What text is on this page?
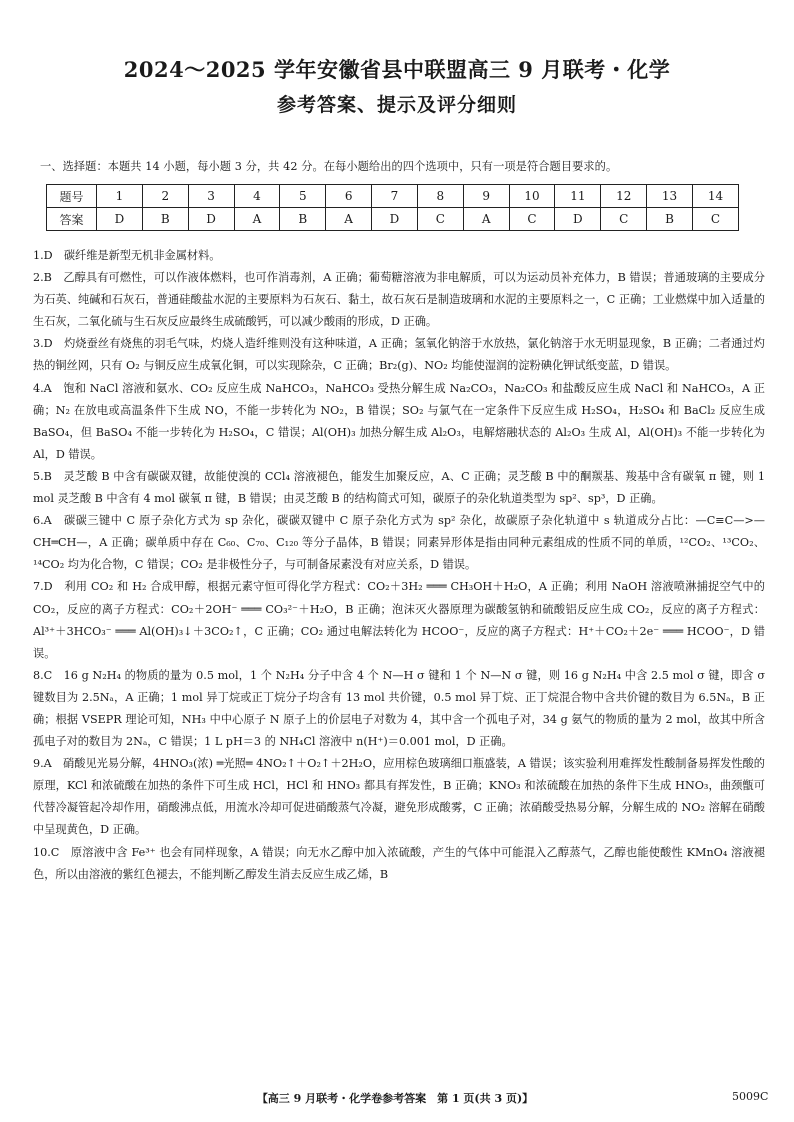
2024～2025 学年安徽省县中联盟高三 9 月联考・化学
参考答案、提示及评分细则
一、选择题：本题共 14 小题，每小题 3 分，共 42 分。在每小题给出的四个选项中，只有一项是符合题目要求的。
题号	1	2	3	4	5	6	7	8	9	10	11	12	13	14
答案	D	B	D	A	B	A	D	C	A	C	D	C	B	C

1.D　 碳纤维是新型无机非金属材料。

2.B　 乙醇具有可燃性，可以作液体燃料，也可作消毒剂，A 正确；葡萄糖溶液为非电解质，可以为运动员补充体力，B 错误；普通玻璃的主要成分为石英、纯碱和石灰石，普通硅酸盐水泥的主要原料为石灰石、黏土，故石灰石是制造玻璃和水泥的主要原料之一，C 正确；工业燃煤中加入适量的生石灰，二氧化硫与生石灰反应最终生成硫酸钙，可以减少酸雨的形成，D 正确。

3.D　 灼烧蚕丝有烧焦的羽毛气味，灼烧人造纤维则没有这种味道，A 正确；氢氧化钠溶于水放热，氯化钠溶于水无明显现象，B 正确；二者通过灼热的铜丝网，只有 O₂ 与铜反应生成氧化铜，可以实现除杂，C 正确；Br₂(g)、NO₂ 均能使湿润的淀粉碘化钾试纸变蓝，D 错误。

4.A　 饱和 NaCl 溶液和氨水、CO₂ 反应生成 NaHCO₃，NaHCO₃ 受热分解生成 Na₂CO₃，Na₂CO₃ 和盐酸反应生成 NaCl 和 NaHCO₃，A 正确；N₂ 在放电或高温条件下生成 NO，不能一步转化为 NO₂，B 错误；SO₂ 与氯气在一定条件下反应生成 H₂SO₄，H₂SO₄ 和 BaCl₂ 反应生成 BaSO₄，但 BaSO₄ 不能一步转化为 H₂SO₄，C 错误；Al(OH)₃ 加热分解生成 Al₂O₃，电解熔融状态的 Al₂O₃ 生成 Al，Al(OH)₃ 不能一步转化为 Al，D 错误。

5.B　 灵芝酸 B 中含有碳碳双键，故能使溴的 CCl₄ 溶液褪色，能发生加聚反应，A、C 正确；灵芝酸 B 中的酮羰基、羧基中含有碳氧 π 键，则 1 mol 灵芝酸 B 中含有 4 mol 碳氧 π 键，B 错误；由灵芝酸 B 的结构简式可知，碳原子的杂化轨道类型为 sp²、sp³，D 正确。

6.A　 碳碳三键中 C 原子杂化方式为 sp 杂化，碳碳双键中 C 原子杂化方式为 sp² 杂化，故碳原子杂化轨道中 s 轨道成分占比：—C≡C—>—CH═CH—，A 正确；碳单质中存在 C₆₀、C₇₀、C₁₂₀ 等分子晶体，B 错误；同素异形体是指由同种元素组成的性质不同的单质，¹²CO₂、¹³CO₂、¹⁴CO₂ 均为化合物，C 错误；CO₂ 是非极性分子，与可制备尿素没有对应关系，D 错误。

7.D　 利用 CO₂ 和 H₂ 合成甲醇，根据元素守恒可得化学方程式：CO₂＋3H₂ ═══ CH₃OH＋H₂O，A 正确；利用 NaOH 溶液喷淋捕捉空气中的 CO₂，反应的离子方程式：CO₂＋2OH⁻ ═══ CO₃²⁻＋H₂O，B 正确；泡沫灭火器原理为碳酸氢钠和硫酸铝反应生成 CO₂，反应的离子方程式：Al³⁺＋3HCO₃⁻ ═══ Al(OH)₃↓＋3CO₂↑，C 正确；CO₂ 通过电解法转化为 HCOO⁻，反应的离子方程式：H⁺＋CO₂＋2e⁻ ═══ HCOO⁻，D 错误。

8.C　 16 g N₂H₄ 的物质的量为 0.5 mol，1 个 N₂H₄ 分子中含 4 个 N—H σ 键和 1 个 N—N σ 键，则 16 g N₂H₄ 中含 2.5 mol σ 键，即含 σ 键数目为 2.5Nₐ，A 正确；1 mol 异丁烷或正丁烷分子均含有 13 mol 共价键，0.5 mol 异丁烷、正丁烷混合物中含共价键的数目为 6.5Nₐ，B 正确；根据 VSEPR 理论可知，NH₃ 中中心原子 N 原子上的价层电子对数为 4，其中含一个孤电子对，34 g 氨气的物质的量为 2 mol，故其中所含孤电子对的数目为 2Nₐ，C 错误；1 L pH＝3 的 NH₄Cl 溶液中 n(H⁺)＝0.001 mol，D 正确。

9.A　 硝酸见光易分解，4HNO₃(浓) ═光照═ 4NO₂↑＋O₂↑＋2H₂O，应用棕色玻璃细口瓶盛装，A 错误；该实验利用难挥发性酸制备易挥发性酸的原理，KCl 和浓硫酸在加热的条件下可生成 HCl，HCl 和 HNO₃ 都具有挥发性，B 正确；KNO₃ 和浓硫酸在加热的条件下生成 HNO₃，曲颈甑可代替冷凝管起冷却作用，硝酸沸点低，用流水冷却可促进硝酸蒸气冷凝，避免形成酸雾，C 正确；浓硝酸受热易分解，分解生成的 NO₂ 溶解在硝酸中呈现黄色，D 正确。

10.C　 原溶液中含 Fe³⁺ 也会有同样现象，A 错误；向无水乙醇中加入浓硫酸，产生的气体中可能混入乙醇蒸气，乙醇也能使酸性 KMnO₄ 溶液褪色，所以由溶液的紫红色褪去，不能判断乙醇发生消去反应生成乙烯，B

【高三 9 月联考・化学卷参考答案　第 1 页(共 3 页)】	5009C
